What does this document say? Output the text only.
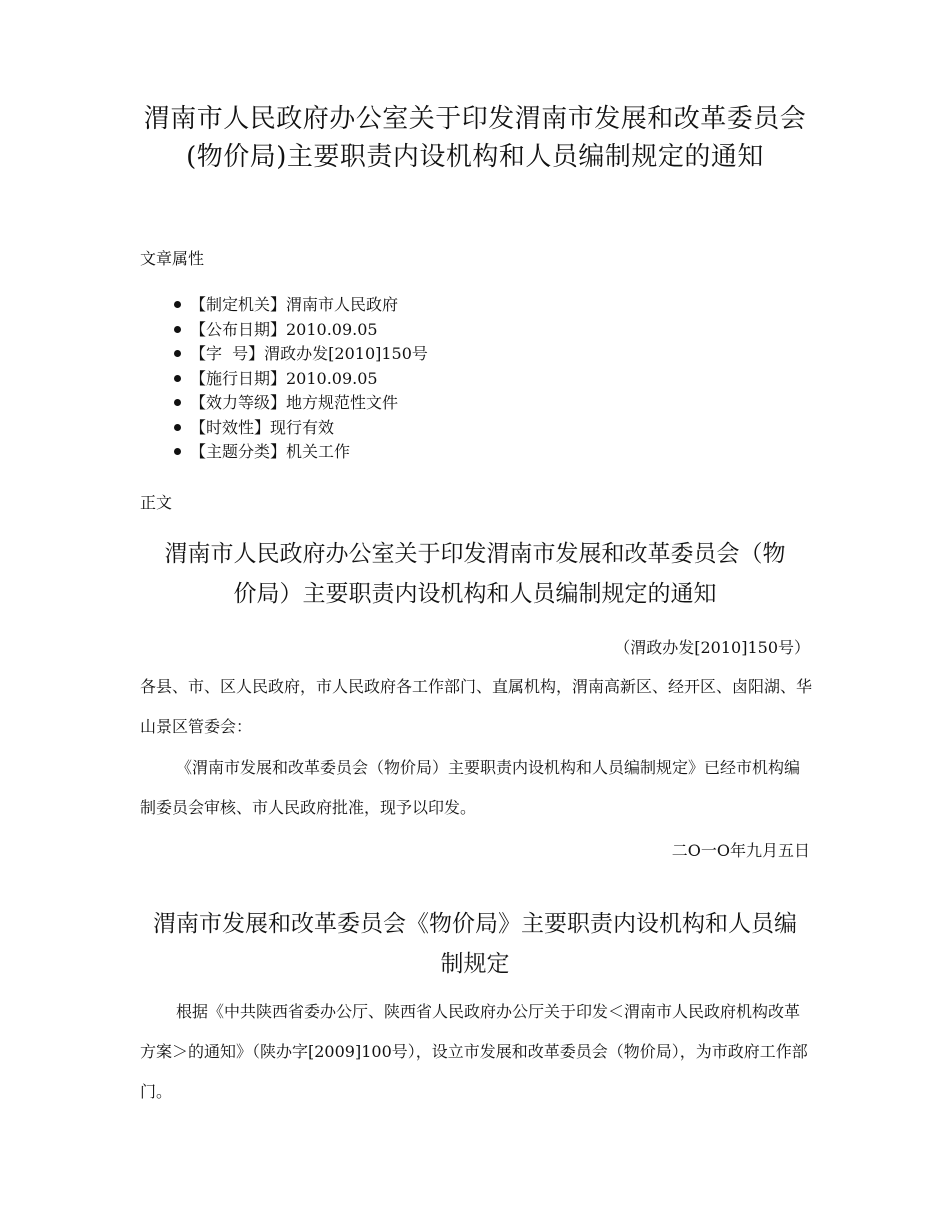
渭南市人民政府办公室关于印发渭南市发展和改革委员会(物价局)主要职责内设机构和人员编制规定的通知
文章属性
【制定机关】渭南市人民政府
【公布日期】2010.09.05
【字  号】渭政办发[2010]150号
【施行日期】2010.09.05
【效力等级】地方规范性文件
【时效性】现行有效
【主题分类】机关工作
正文
渭南市人民政府办公室关于印发渭南市发展和改革委员会（物价局）主要职责内设机构和人员编制规定的通知
（渭政办发[2010]150号）
各县、市、区人民政府，市人民政府各工作部门、直属机构，渭南高新区、经开区、卤阳湖、华山景区管委会：
《渭南市发展和改革委员会（物价局）主要职责内设机构和人员编制规定》已经市机构编制委员会审核、市人民政府批准，现予以印发。
二O一O年九月五日
渭南市发展和改革委员会《物价局》主要职责内设机构和人员编制规定
根据《中共陕西省委办公厅、陕西省人民政府办公厅关于印发＜渭南市人民政府机构改革方案＞的通知》（陕办字[2009]100号），设立市发展和改革委员会（物价局），为市政府工作部门。
